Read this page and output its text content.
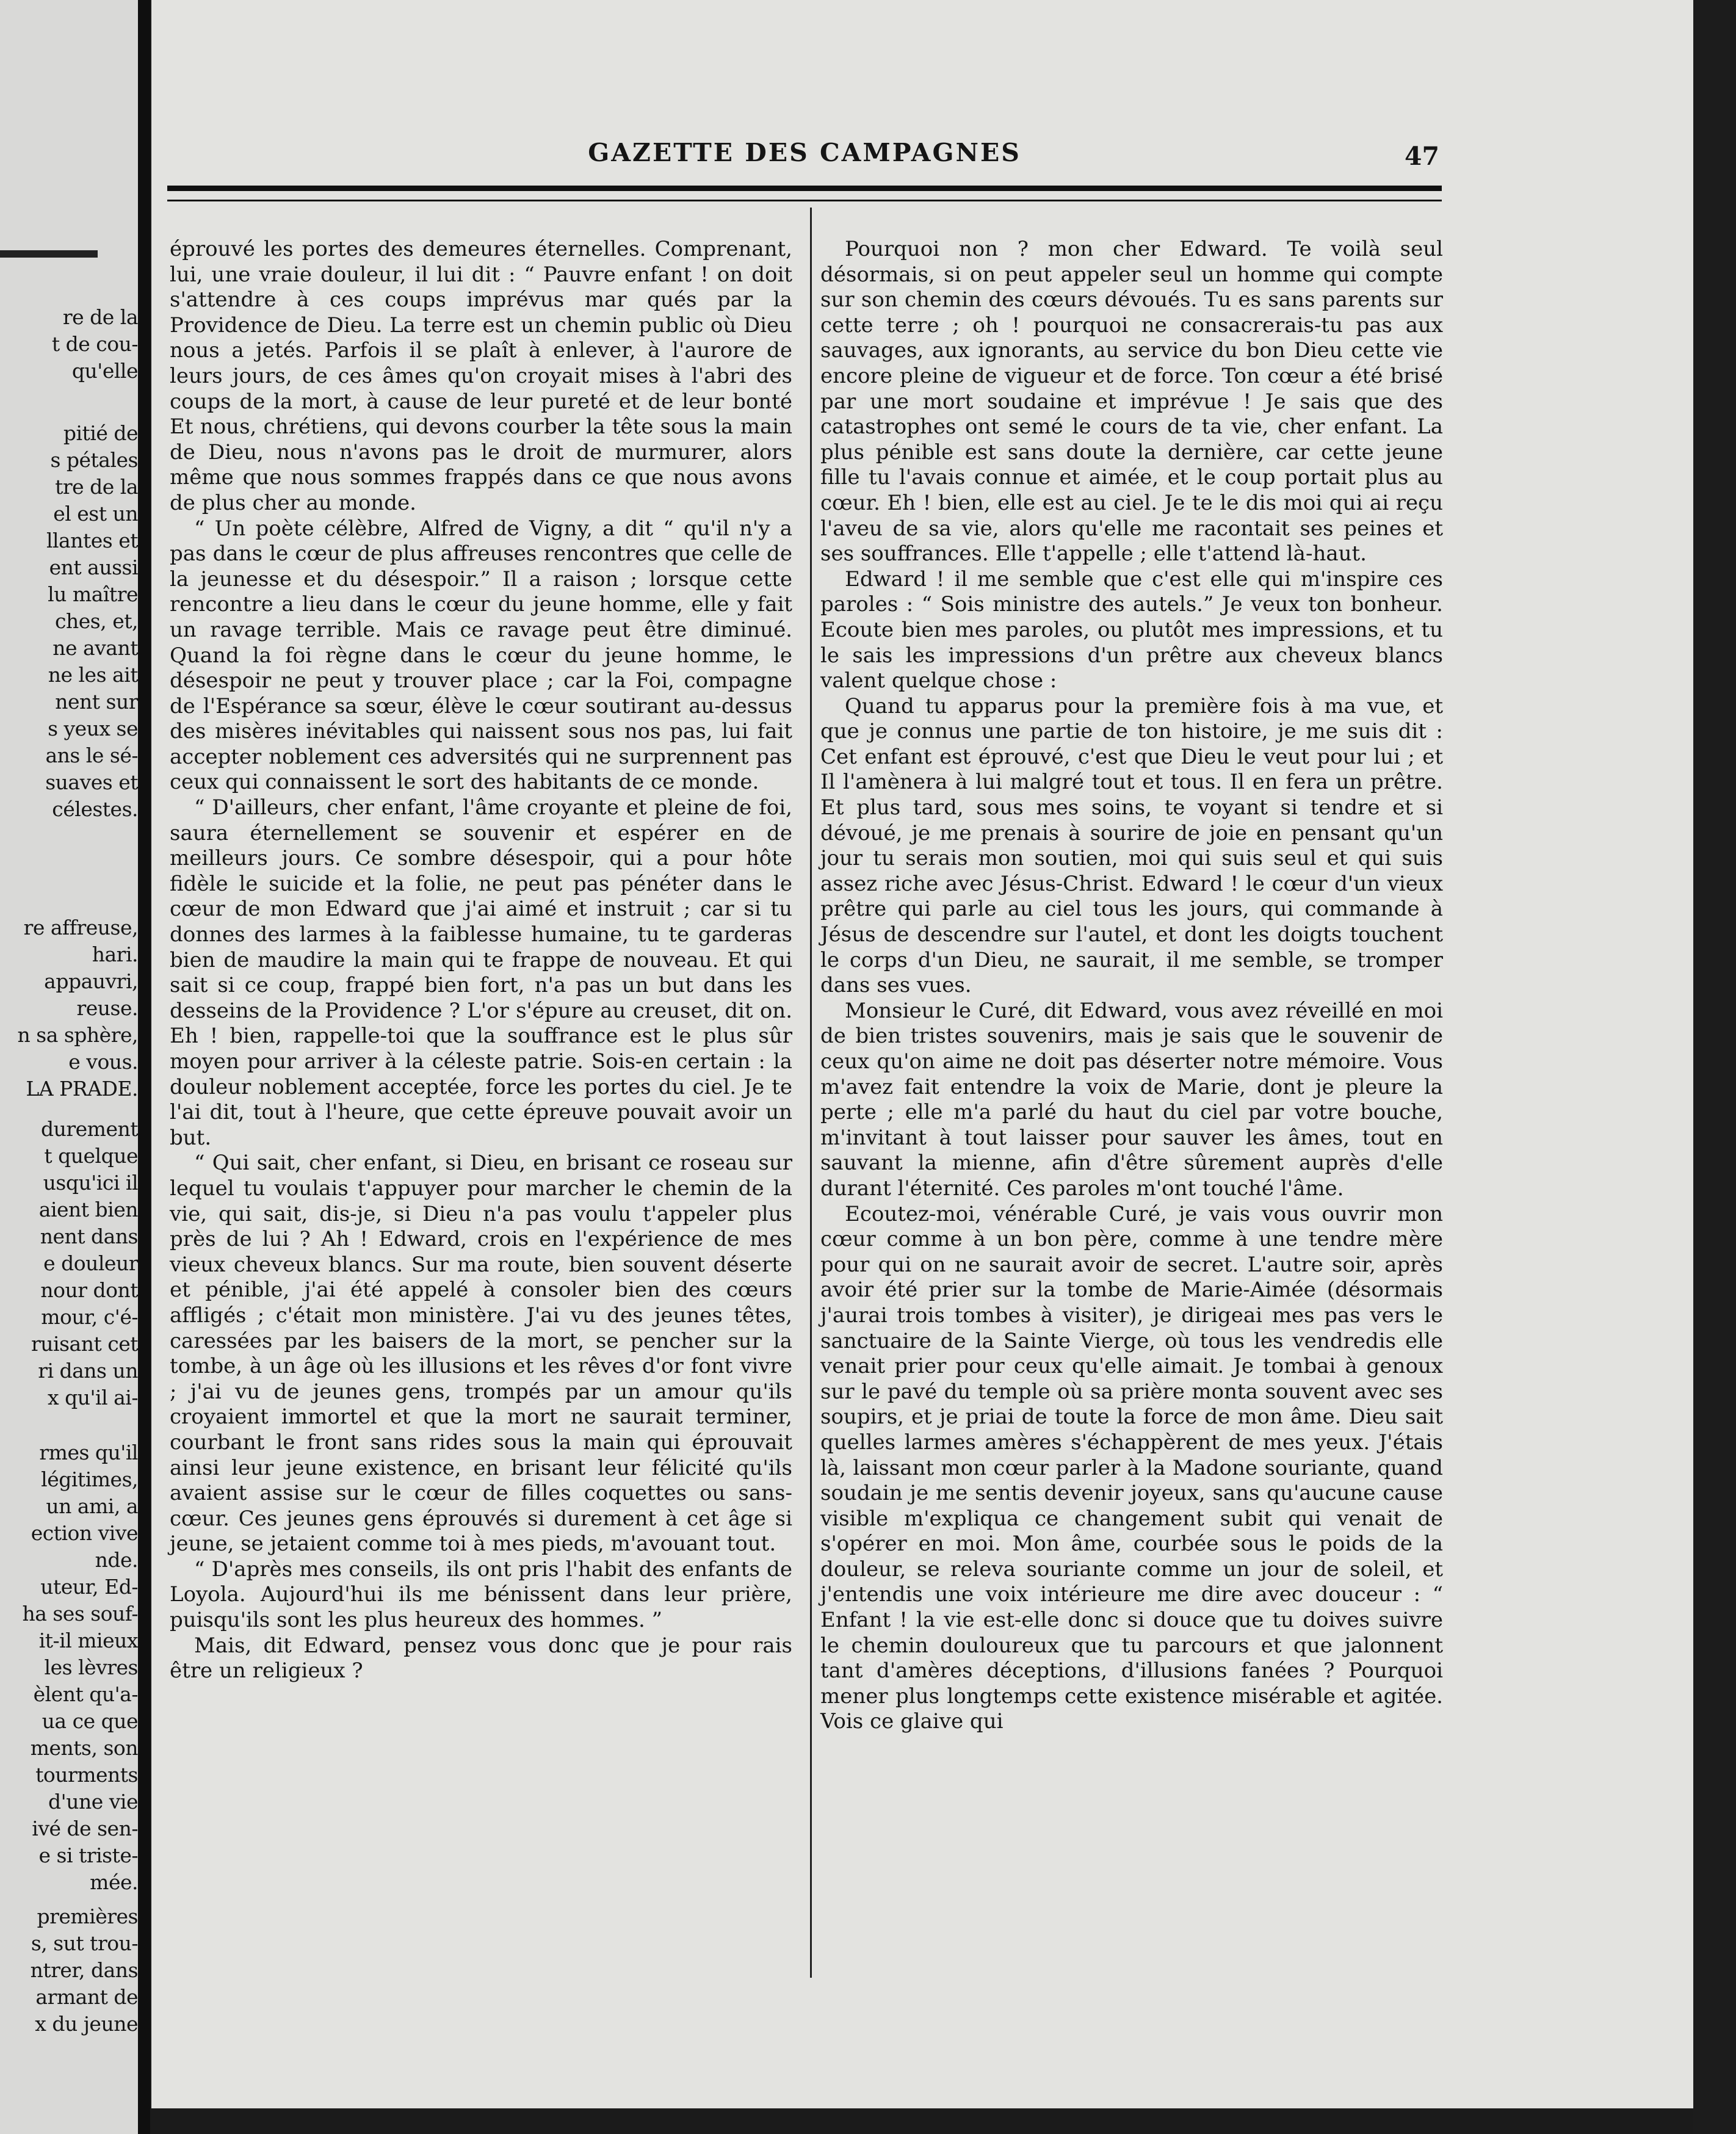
re de la
t de cou-
qu'elle
pitié de
s pétales
tre de la
el est un
llantes et
ent aussi
lu maître
ches, et,
ne avant
ne les ait
nent sur
s yeux se
ans le sé-
suaves et
célestes.
re affreuse,
hari.
appauvri,
reuse.
n sa sphère,
e vous.
LA PRADE.
durement
t quelque
usqu'ici il
aient bien
nent dans
e douleur
nour dont
mour, c'é-
ruisant cet
ri dans un
x qu'il ai-
rmes qu'il
légitimes,
un ami, a
ection vive
nde.
uteur, Ed-
ha ses souf-
it-il mieux
les lèvres
èlent qu'a-
ua ce que
ments, son
tourments
d'une vie
ivé de sen-
e si triste-
mée.
premières
s, sut trou-
ntrer, dans
armant de
x du jeune
GAZETTE DES CAMPAGNES	47

éprouvé les portes des demeures éternelles. Comprenant, lui, une vraie douleur, il lui dit : “ Pauvre enfant ! on doit s'attendre à ces coups imprévus mar qués par la Providence de Dieu. La terre est un chemin public où Dieu nous a jetés. Parfois il se plaît à enlever, à l'aurore de leurs jours, de ces âmes qu'on croyait mises à l'abri des coups de la mort, à cause de leur pureté et de leur bonté Et nous, chrétiens, qui devons courber la tête sous la main de Dieu, nous n'avons pas le droit de murmurer, alors même que nous sommes frappés dans ce que nous avons de plus cher au monde.

“ Un poète célèbre, Alfred de Vigny, a dit “ qu'il n'y a pas dans le cœur de plus affreuses rencontres que celle de la jeunesse et du désespoir.” Il a raison ; lorsque cette rencontre a lieu dans le cœur du jeune homme, elle y fait un ravage terrible. Mais ce ravage peut être diminué. Quand la foi règne dans le cœur du jeune homme, le désespoir ne peut y trouver place ; car la Foi, compagne de l'Espérance sa sœur, élève le cœur soutirant au-dessus des misères inévitables qui naissent sous nos pas, lui fait accepter noblement ces adversités qui ne surprennent pas ceux qui connaissent le sort des habitants de ce monde.

“ D'ailleurs, cher enfant, l'âme croyante et pleine de foi, saura éternellement se souvenir et espérer en de meilleurs jours. Ce sombre désespoir, qui a pour hôte fidèle le suicide et la folie, ne peut pas pénéter dans le cœur de mon Edward que j'ai aimé et instruit ; car si tu donnes des larmes à la faiblesse humaine, tu te garderas bien de maudire la main qui te frappe de nouveau. Et qui sait si ce coup, frappé bien fort, n'a pas un but dans les desseins de la Providence ? L'or s'épure au creuset, dit on. Eh ! bien, rappelle-toi que la souffrance est le plus sûr moyen pour arriver à la céleste patrie. Sois-en certain : la douleur noblement acceptée, force les portes du ciel. Je te l'ai dit, tout à l'heure, que cette épreuve pouvait avoir un but.

“ Qui sait, cher enfant, si Dieu, en brisant ce roseau sur lequel tu voulais t'appuyer pour marcher le chemin de la vie, qui sait, dis-je, si Dieu n'a pas voulu t'appeler plus près de lui ? Ah ! Edward, crois en l'expérience de mes vieux cheveux blancs. Sur ma route, bien souvent déserte et pénible, j'ai été appelé à consoler bien des cœurs affligés ; c'était mon ministère. J'ai vu des jeunes têtes, caressées par les baisers de la mort, se pencher sur la tombe, à un âge où les illusions et les rêves d'or font vivre ; j'ai vu de jeunes gens, trompés par un amour qu'ils croyaient immortel et que la mort ne saurait terminer, courbant le front sans rides sous la main qui éprouvait ainsi leur jeune existence, en brisant leur félicité qu'ils avaient assise sur le cœur de filles coquettes ou sans-cœur. Ces jeunes gens éprouvés si durement à cet âge si jeune, se jetaient comme toi à mes pieds, m'avouant tout.

“ D'après mes conseils, ils ont pris l'habit des enfants de Loyola. Aujourd'hui ils me bénissent dans leur prière, puisqu'ils sont les plus heureux des hommes. ”

Mais, dit Edward, pensez vous donc que je pour rais être un religieux ?

Pourquoi non ? mon cher Edward. Te voilà seul désormais, si on peut appeler seul un homme qui compte sur son chemin des cœurs dévoués. Tu es sans parents sur cette terre ; oh ! pourquoi ne consacrerais-tu pas aux sauvages, aux ignorants, au service du bon Dieu cette vie encore pleine de vigueur et de force. Ton cœur a été brisé par une mort soudaine et imprévue ! Je sais que des catastrophes ont semé le cours de ta vie, cher enfant. La plus pénible est sans doute la dernière, car cette jeune fille tu l'avais connue et aimée, et le coup portait plus au cœur. Eh ! bien, elle est au ciel. Je te le dis moi qui ai reçu l'aveu de sa vie, alors qu'elle me racontait ses peines et ses souffrances. Elle t'appelle ; elle t'attend là-haut.

Edward ! il me semble que c'est elle qui m'inspire ces paroles : “ Sois ministre des autels.” Je veux ton bonheur. Ecoute bien mes paroles, ou plutôt mes impressions, et tu le sais les impressions d'un prêtre aux cheveux blancs valent quelque chose :

Quand tu apparus pour la première fois à ma vue, et que je connus une partie de ton histoire, je me suis dit : Cet enfant est éprouvé, c'est que Dieu le veut pour lui ; et Il l'amènera à lui malgré tout et tous. Il en fera un prêtre. Et plus tard, sous mes soins, te voyant si tendre et si dévoué, je me prenais à sourire de joie en pensant qu'un jour tu serais mon soutien, moi qui suis seul et qui suis assez riche avec Jésus-Christ. Edward ! le cœur d'un vieux prêtre qui parle au ciel tous les jours, qui commande à Jésus de descendre sur l'autel, et dont les doigts touchent le corps d'un Dieu, ne saurait, il me semble, se tromper dans ses vues.

Monsieur le Curé, dit Edward, vous avez réveillé en moi de bien tristes souvenirs, mais je sais que le souvenir de ceux qu'on aime ne doit pas déserter notre mémoire. Vous m'avez fait entendre la voix de Marie, dont je pleure la perte ; elle m'a parlé du haut du ciel par votre bouche, m'invitant à tout laisser pour sauver les âmes, tout en sauvant la mienne, afin d'être sûrement auprès d'elle durant l'éternité. Ces paroles m'ont touché l'âme.

Ecoutez-moi, vénérable Curé, je vais vous ouvrir mon cœur comme à un bon père, comme à une tendre mère pour qui on ne saurait avoir de secret. L'autre soir, après avoir été prier sur la tombe de Marie-Aimée (désormais j'aurai trois tombes à visiter), je dirigeai mes pas vers le sanctuaire de la Sainte Vierge, où tous les vendredis elle venait prier pour ceux qu'elle aimait. Je tombai à genoux sur le pavé du temple où sa prière monta souvent avec ses soupirs, et je priai de toute la force de mon âme. Dieu sait quelles larmes amères s'échappèrent de mes yeux. J'étais là, laissant mon cœur parler à la Madone souriante, quand soudain je me sentis devenir joyeux, sans qu'aucune cause visible m'expliqua ce changement subit qui venait de s'opérer en moi. Mon âme, courbée sous le poids de la douleur, se releva souriante comme un jour de soleil, et j'entendis une voix intérieure me dire avec douceur : “ Enfant ! la vie est-elle donc si douce que tu doives suivre le chemin douloureux que tu parcours et que jalonnent tant d'amères déceptions, d'illusions fanées ? Pourquoi mener plus longtemps cette existence misérable et agitée. Vois ce glaive qui
